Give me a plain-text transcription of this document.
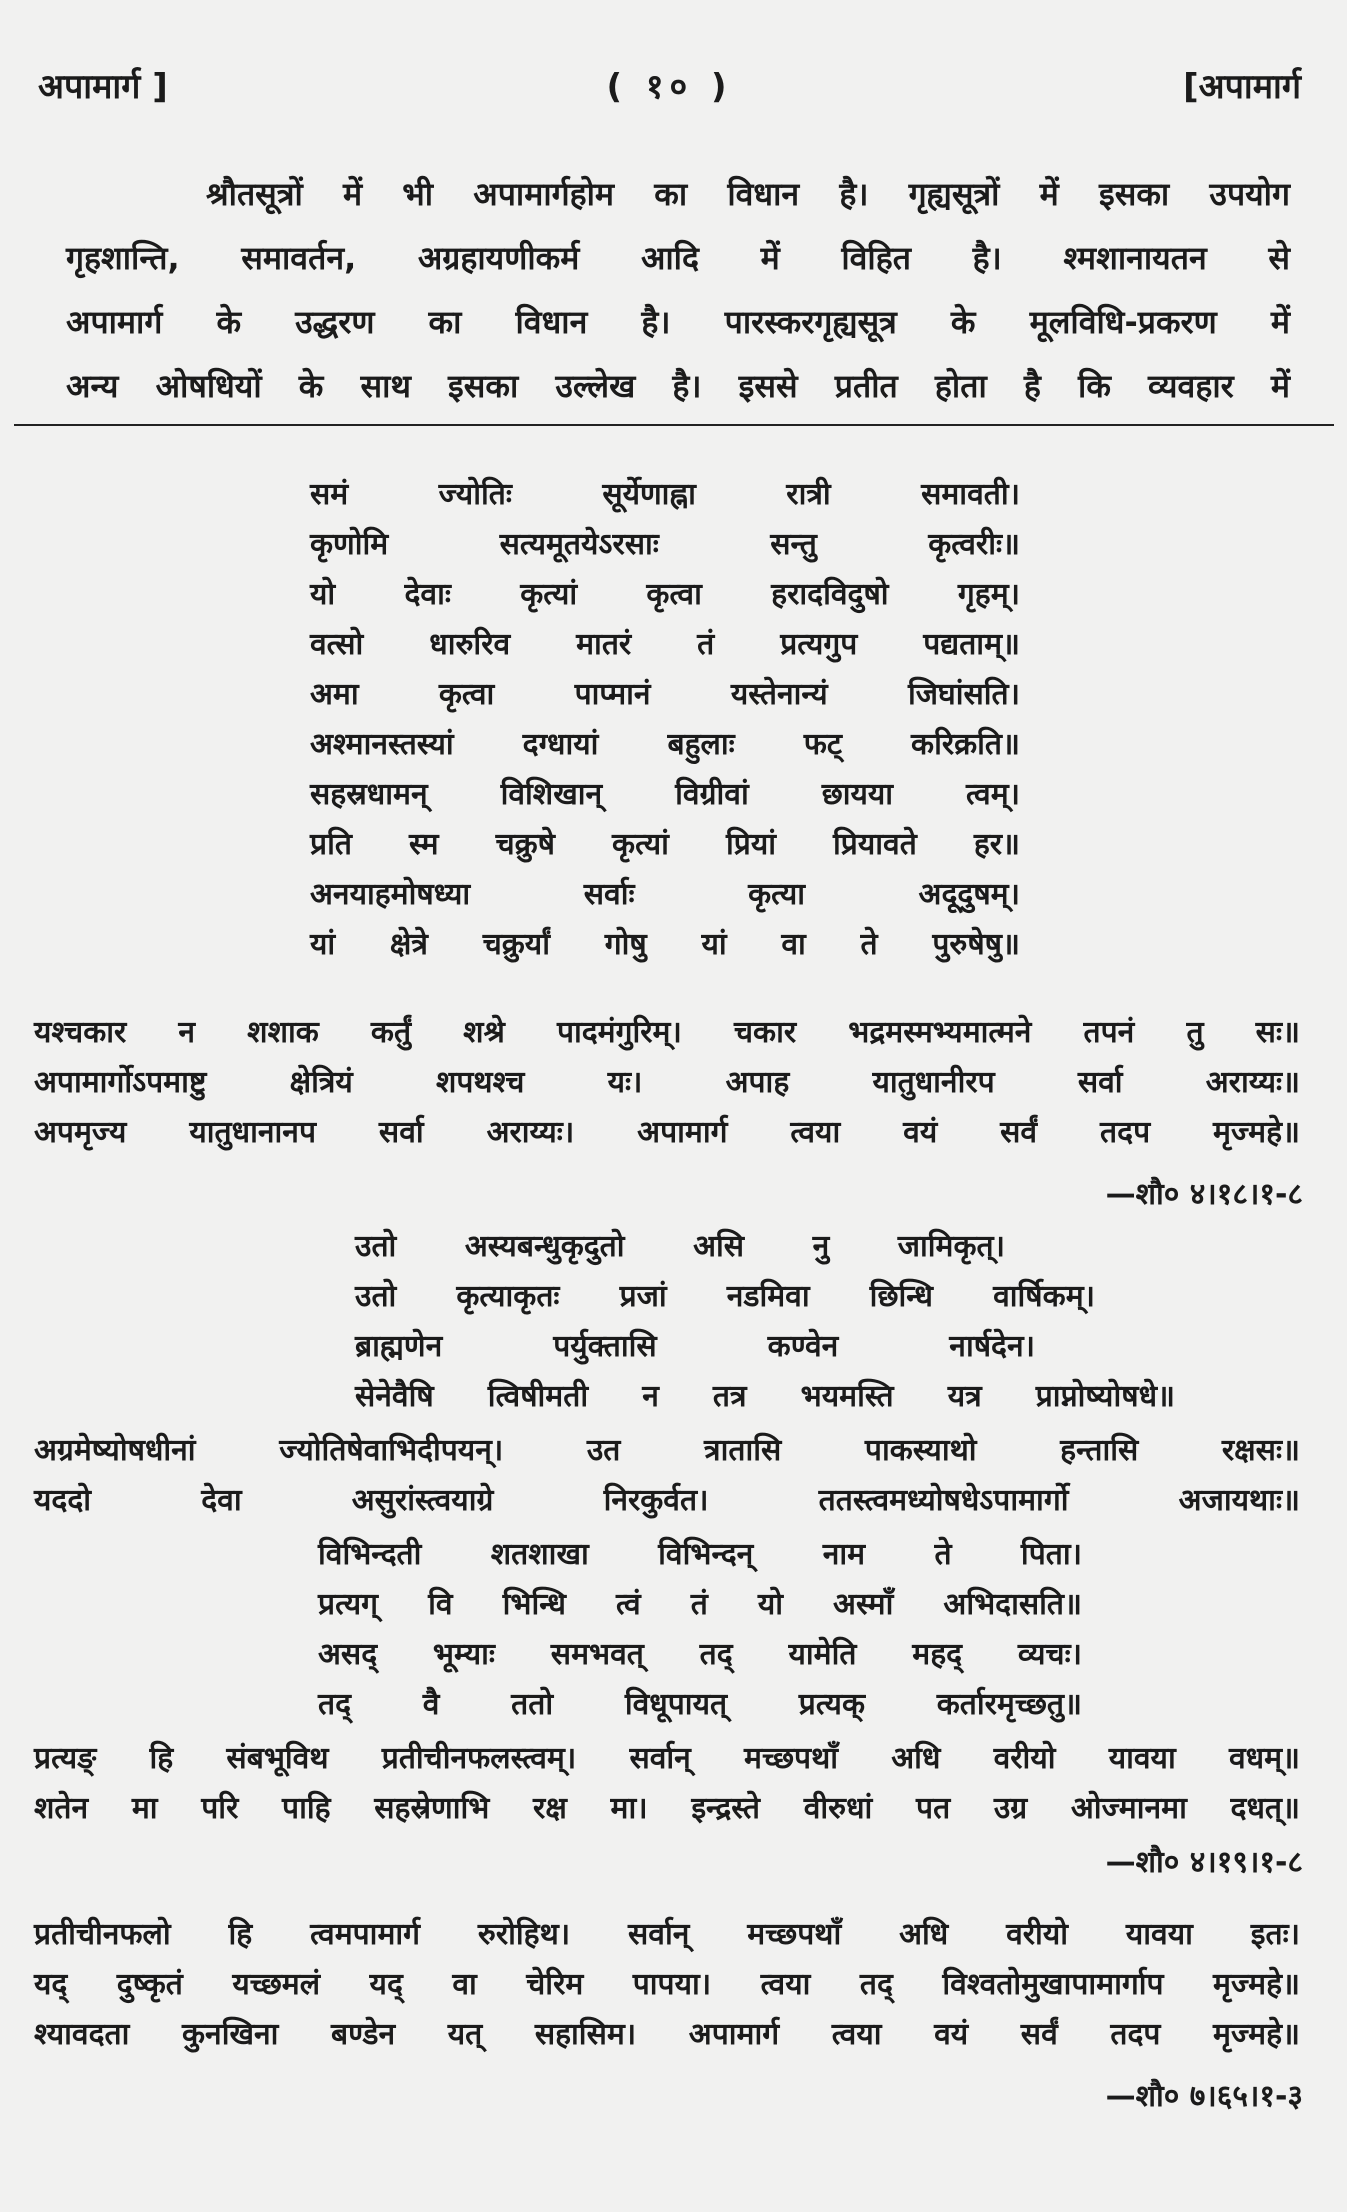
अपामार्ग ]	( १० )	[अपामार्ग
श्रौतसूत्रों में भी अपामार्गहोम का विधान है। गृह्यसूत्रों में इसका उपयोग
गृहशान्ति, समावर्तन, अग्रहायणीकर्म आदि में विहित है। श्मशानायतन से
अपामार्ग के उद्धरण का विधान है। पारस्करगृह्यसूत्र के मूलविधि-प्रकरण में
अन्य ओषधियों के साथ इसका उल्लेख है। इससे प्रतीत होता है कि व्यवहार में
समं ज्योतिः सूर्येणाह्ना रात्री समावती।
कृणोमि सत्यमूतयेऽरसाः सन्तु कृत्वरीः॥
यो देवाः कृत्यां कृत्वा हरादविदुषो गृहम्।
वत्सो धारुरिव मातरं तं प्रत्यगुप पद्यताम्॥
अमा कृत्वा पाप्मानं यस्तेनान्यं जिघांसति।
अश्मानस्तस्यां दग्धायां बहुलाः फट् करिक्रति॥
सहस्रधामन् विशिखान् विग्रीवां छायया त्वम्।
प्रति स्म चक्रुषे कृत्यां प्रियां प्रियावते हर॥
अनयाहमोषध्या सर्वाः कृत्या अदूदुषम्।
यां क्षेत्रे चक्रुर्यां गोषु यां वा ते पुरुषेषु॥
यश्चकार न शशाक कर्तुं शश्रे पादमंगुरिम्। चकार भद्रमस्मभ्यमात्मने तपनं तु सः॥
अपामार्गोऽपमाष्टु क्षेत्रियं शपथश्च यः। अपाह यातुधानीरप सर्वा अराय्यः॥
अपमृज्य यातुधानानप सर्वा अराय्यः। अपामार्ग त्वया वयं सर्वं तदप मृज्महे॥
—शौ० ४।१८।१-८
उतो अस्यबन्धुकृदुतो असि नु जामिकृत्।
उतो कृत्याकृतः प्रजां नडमिवा छिन्धि वार्षिकम्।
ब्राह्मणेन पर्युक्तासि कण्वेन नार्षदेन।
सेनेवैषि त्विषीमती न तत्र भयमस्ति यत्र प्राप्नोष्योषधे॥
अग्रमेष्योषधीनां ज्योतिषेवाभिदीपयन्। उत त्रातासि पाकस्याथो हन्तासि रक्षसः॥
यददो देवा असुरांस्त्वयाग्रे निरकुर्वत। ततस्त्वमध्योषधेऽपामार्गो अजायथाः॥
विभिन्दती शतशाखा विभिन्दन् नाम ते पिता।
प्रत्यग् वि भिन्धि त्वं तं यो अस्माँ अभिदासति॥
असद् भूम्याः समभवत् तद् यामेति महद् व्यचः।
तद् वै ततो विधूपायत् प्रत्यक् कर्तारमृच्छतु॥
प्रत्यङ् हि संबभूविथ प्रतीचीनफलस्त्वम्। सर्वान् मच्छपथाँ अधि वरीयो यावया वधम्॥
शतेन मा परि पाहि सहस्रेणाभि रक्ष मा। इन्द्रस्ते वीरुधां पत उग्र ओज्मानमा दधत्॥
—शौ० ४।१९।१-८
प्रतीचीनफलो हि त्वमपामार्ग रुरोहिथ। सर्वान् मच्छपथाँ अधि वरीयो यावया इतः।
यद् दुष्कृतं यच्छमलं यद् वा चेरिम पापया। त्वया तद् विश्वतोमुखापामार्गाप मृज्महे॥
श्यावदता कुनखिना बण्डेन यत् सहासिम। अपामार्ग त्वया वयं सर्वं तदप मृज्महे॥
—शौ० ७।६५।१-३
